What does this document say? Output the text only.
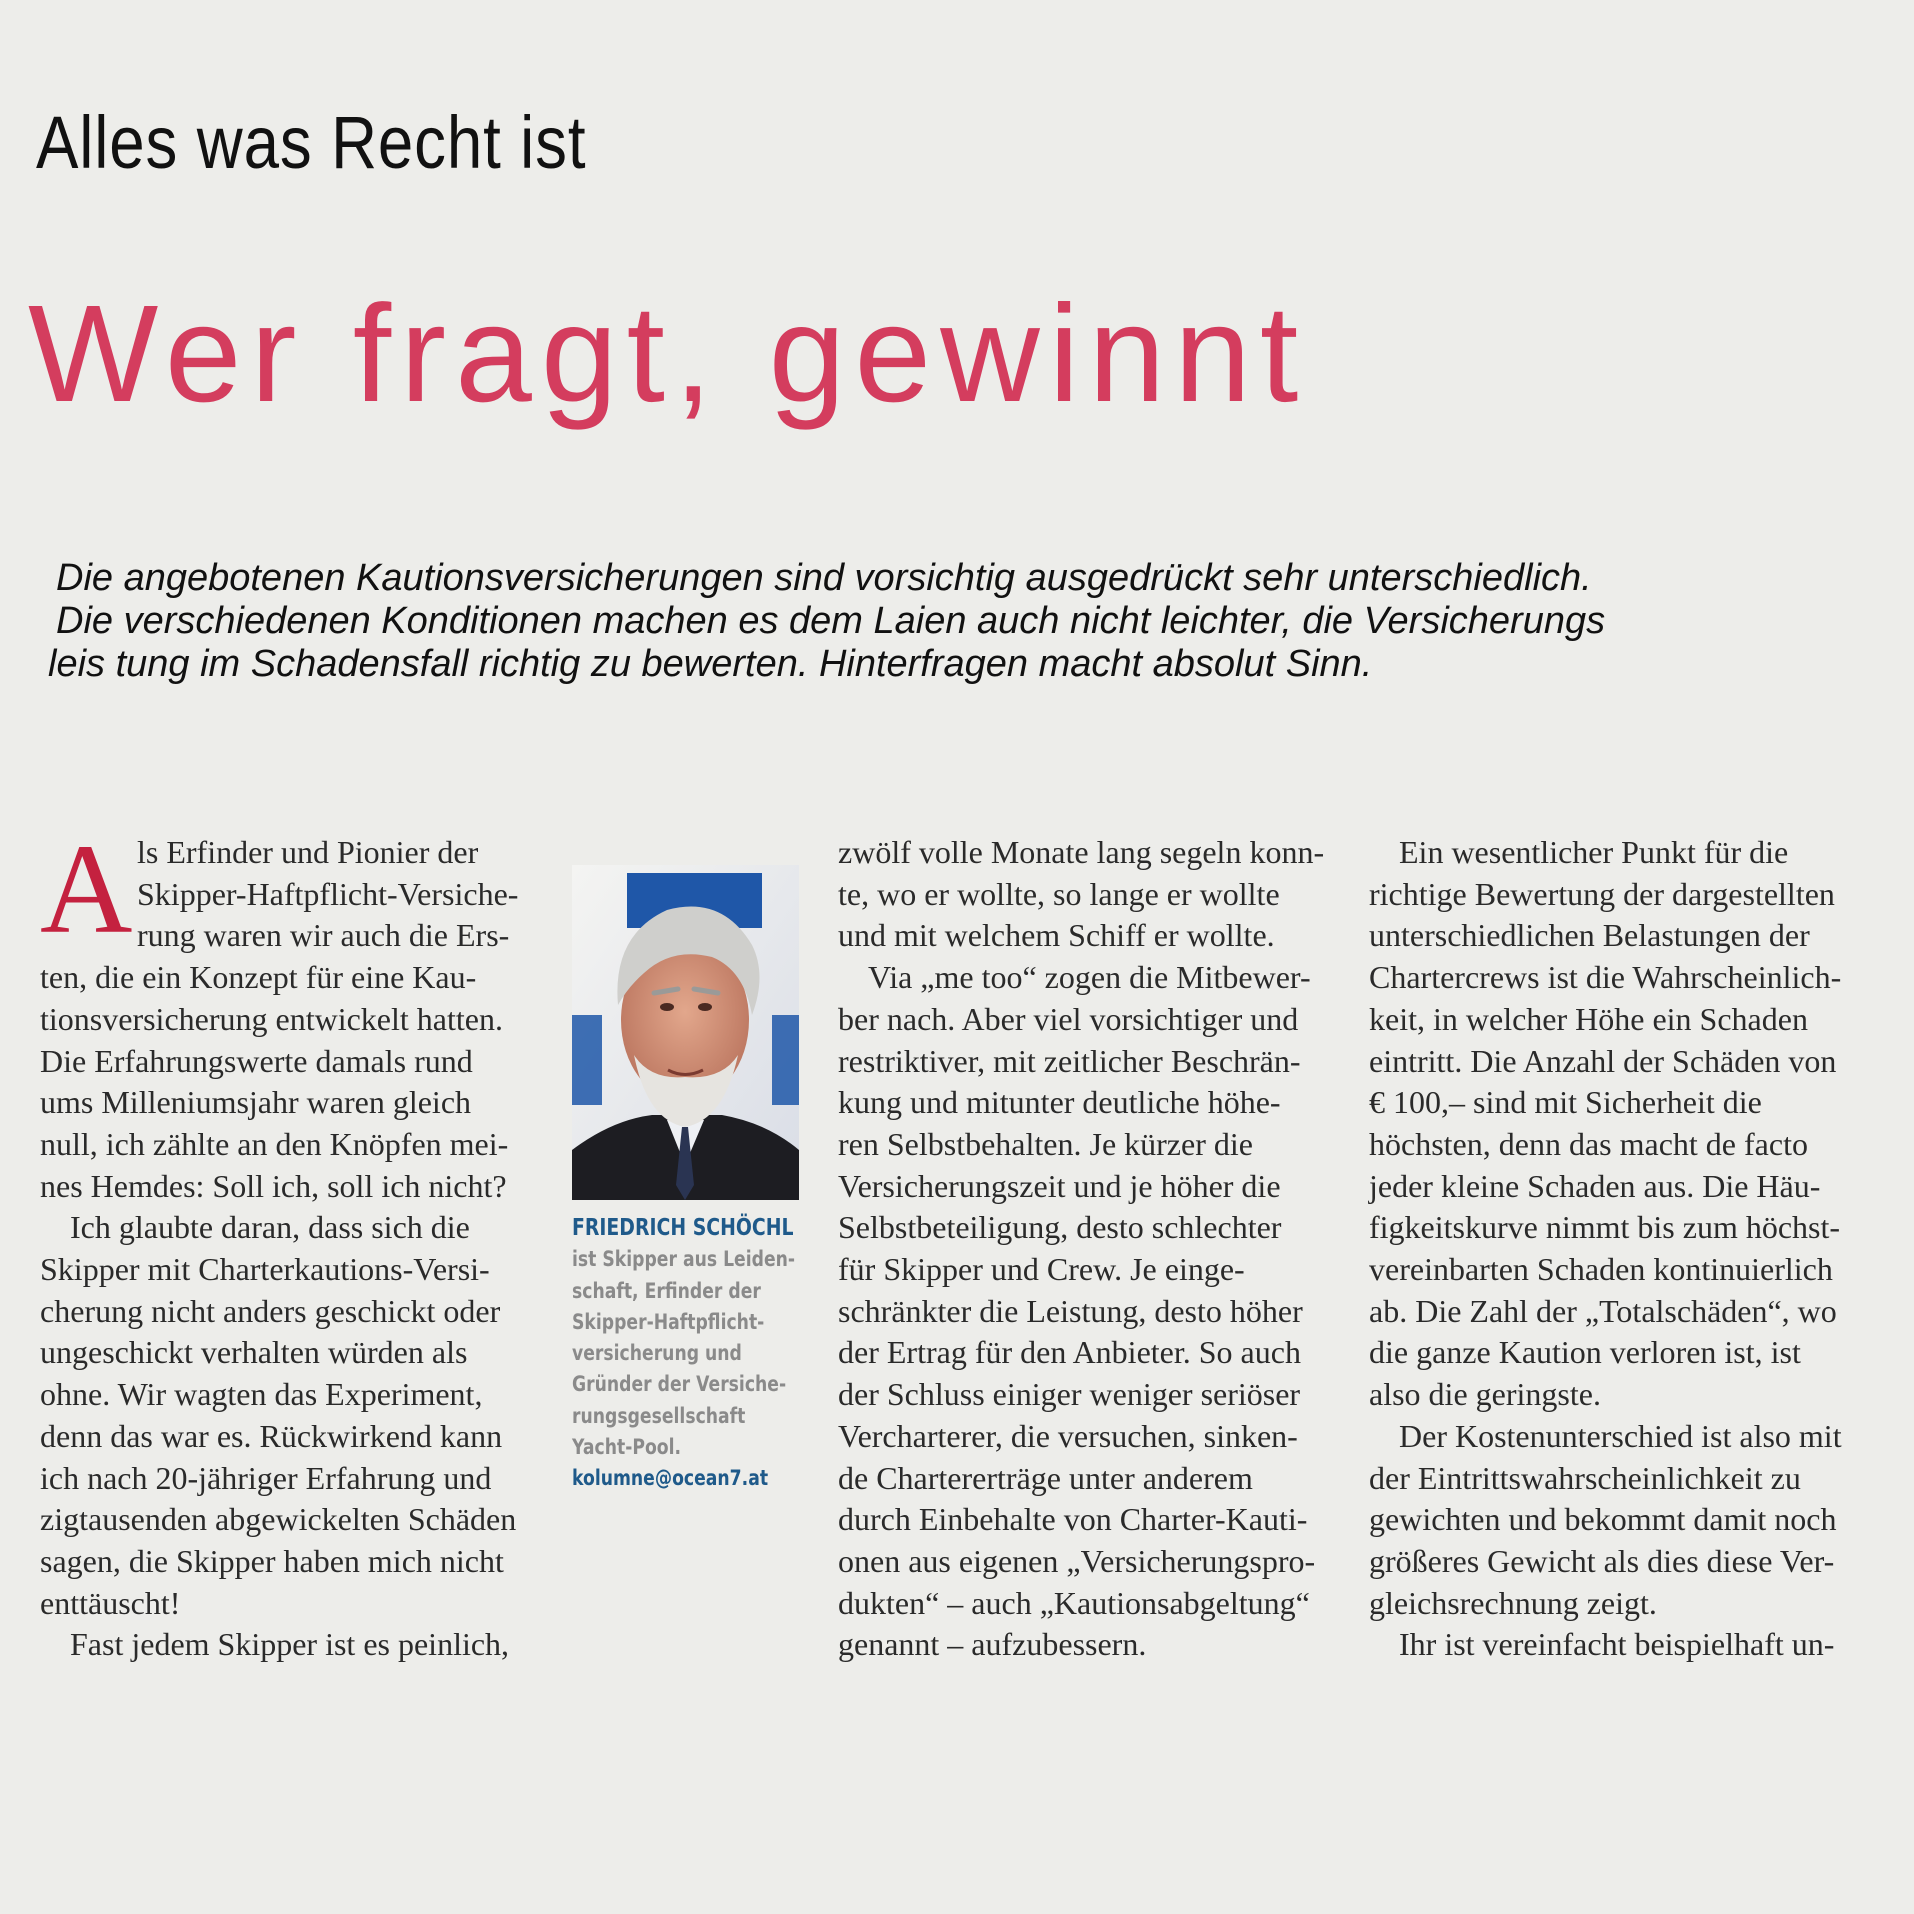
Alles was Recht ist
Wer fragt, gewinnt
Die angebotenen Kautionsversicherungen sind vorsichtig ausgedrückt sehr unterschiedlich.
Die verschiedenen Konditionen machen es dem Laien auch nicht leichter, die Versicherungs
leis tung im Schadensfall richtig zu bewerten. Hinterfragen macht absolut Sinn.
A ls Erfinder und Pionier der
Skipper-Haftpflicht-Versiche-
rung waren wir auch die Ers-
ten, die ein Konzept für eine Kau-
tionsversicherung entwickelt hatten.
Die Erfahrungswerte damals rund
ums Milleniumsjahr waren gleich
null, ich zählte an den Knöpfen mei-
nes Hemdes: Soll ich, soll ich nicht?
Ich glaubte daran, dass sich die
Skipper mit Charterkautions-Versi-
cherung nicht anders geschickt oder
ungeschickt verhalten würden als
ohne. Wir wagten das Experiment,
denn das war es. Rückwirkend kann
ich nach 20-jähriger Erfahrung und
zigtausenden abgewickelten Schäden
sagen, die Skipper haben mich nicht
enttäuscht!
Fast jedem Skipper ist es peinlich,
FRIEDRICH SCHÖCHL
ist Skipper aus Leiden-
schaft, Erfinder der
Skipper-Haftpflicht-
versicherung und
Gründer der Versiche-
rungsgesellschaft
Yacht-Pool.
kolumne@ocean7.at
zwölf volle Monate lang segeln konn-
te, wo er wollte, so lange er wollte
und mit welchem Schiff er wollte.
Via „me too“ zogen die Mitbewer-
ber nach. Aber viel vorsichtiger und
restriktiver, mit zeitlicher Beschrän-
kung und mitunter deutliche höhe-
ren Selbstbehalten. Je kürzer die
Versicherungszeit und je höher die
Selbstbeteiligung, desto schlechter
für Skipper und Crew. Je einge-
schränkter die Leistung, desto höher
der Ertrag für den Anbieter. So auch
der Schluss einiger weniger seriöser
Vercharterer, die versuchen, sinken-
de Chartererträge unter anderem
durch Einbehalte von Charter-Kauti-
onen aus eigenen „Versicherungspro-
dukten“ – auch „Kautionsabgeltung“
genannt – aufzubessern.
Ein wesentlicher Punkt für die
richtige Bewertung der dargestellten
unterschiedlichen Belastungen der
Chartercrews ist die Wahrscheinlich-
keit, in welcher Höhe ein Schaden
eintritt. Die Anzahl der Schäden von
€ 100,– sind mit Sicherheit die
höchsten, denn das macht de facto
jeder kleine Schaden aus. Die Häu-
figkeitskurve nimmt bis zum höchst-
vereinbarten Schaden kontinuierlich
ab. Die Zahl der „Totalschäden“, wo
die ganze Kaution verloren ist, ist
also die geringste.
Der Kostenunterschied ist also mit
der Eintrittswahrscheinlichkeit zu
gewichten und bekommt damit noch
größeres Gewicht als dies diese Ver-
gleichsrechnung zeigt.
Ihr ist vereinfacht beispielhaft un-
